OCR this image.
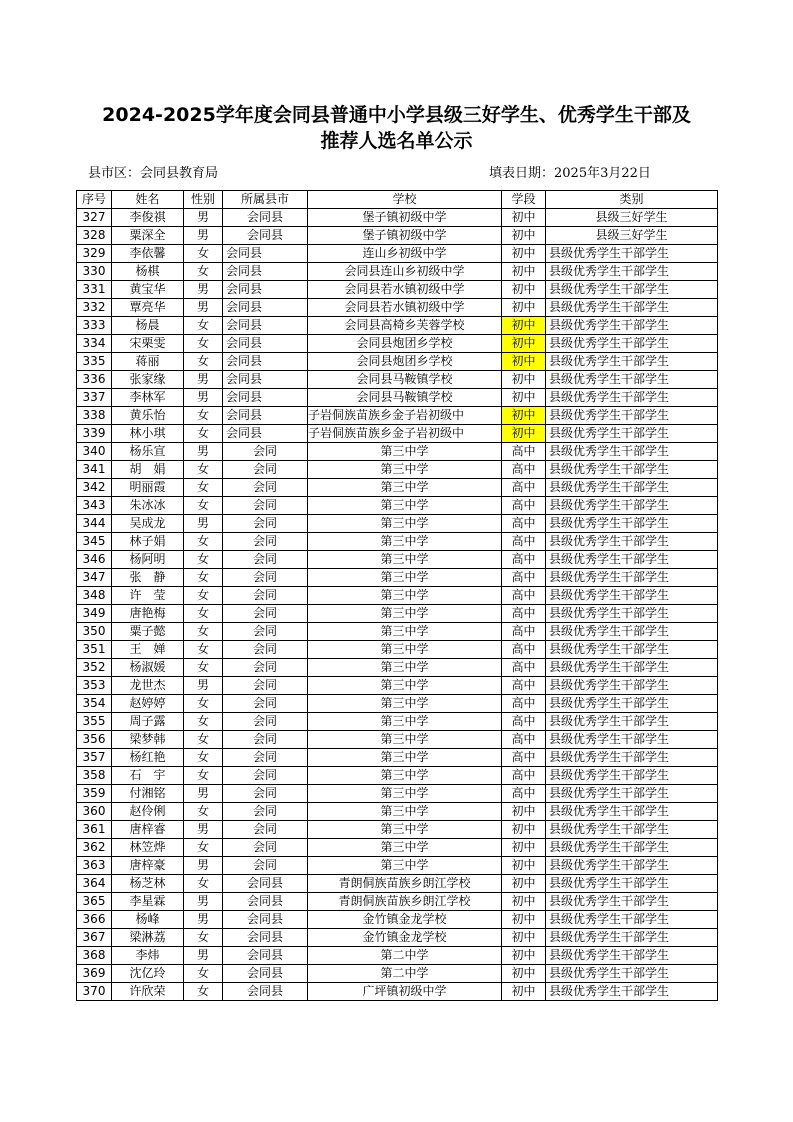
2024-2025学年度会同县普通中小学县级三好学生、优秀学生干部及
推荐人选名单公示
县市区：会同县教育局	填表日期：2025年3月22日
序号	姓名	性别	所属县市	学校	学段	类别
327	李俊祺	男	会同县	堡子镇初级中学	初中	县级三好学生
328	粟深全	男	会同县	堡子镇初级中学	初中	县级三好学生
329	李依馨	女	会同县	连山乡初级中学	初中	县级优秀学生干部学生
330	杨棋	女	会同县	会同县连山乡初级中学	初中	县级优秀学生干部学生
331	黄宝华	男	会同县	会同县若水镇初级中学	初中	县级优秀学生干部学生
332	覃亮华	男	会同县	会同县若水镇初级中学	初中	县级优秀学生干部学生
333	杨晨	女	会同县	会同县高椅乡芙蓉学校	初中	县级优秀学生干部学生
334	宋栗雯	女	会同县	会同县炮团乡学校	初中	县级优秀学生干部学生
335	蒋丽	女	会同县	会同县炮团乡学校	初中	县级优秀学生干部学生
336	张家缘	男	会同县	会同县马鞍镇学校	初中	县级优秀学生干部学生
337	李林军	男	会同县	会同县马鞍镇学校	初中	县级优秀学生干部学生
338	黄乐怡	女	会同县	子岩侗族苗族乡金子岩初级中	初中	县级优秀学生干部学生
339	林小琪	女	会同县	子岩侗族苗族乡金子岩初级中	初中	县级优秀学生干部学生
340	杨乐宣	男	会同	第三中学	高中	县级优秀学生干部学生
341	胡　娟	女	会同	第三中学	高中	县级优秀学生干部学生
342	明丽霞	女	会同	第三中学	高中	县级优秀学生干部学生
343	朱冰冰	女	会同	第三中学	高中	县级优秀学生干部学生
344	吴成龙	男	会同	第三中学	高中	县级优秀学生干部学生
345	林子娟	女	会同	第三中学	高中	县级优秀学生干部学生
346	杨阿明	女	会同	第三中学	高中	县级优秀学生干部学生
347	张　静	女	会同	第三中学	高中	县级优秀学生干部学生
348	许　莹	女	会同	第三中学	高中	县级优秀学生干部学生
349	唐艳梅	女	会同	第三中学	高中	县级优秀学生干部学生
350	粟子懿	女	会同	第三中学	高中	县级优秀学生干部学生
351	王　婵	女	会同	第三中学	高中	县级优秀学生干部学生
352	杨淑媛	女	会同	第三中学	高中	县级优秀学生干部学生
353	龙世杰	男	会同	第三中学	高中	县级优秀学生干部学生
354	赵婷婷	女	会同	第三中学	高中	县级优秀学生干部学生
355	周子露	女	会同	第三中学	高中	县级优秀学生干部学生
356	梁梦韩	女	会同	第三中学	高中	县级优秀学生干部学生
357	杨红艳	女	会同	第三中学	高中	县级优秀学生干部学生
358	石　宇	女	会同	第三中学	高中	县级优秀学生干部学生
359	付湘铭	男	会同	第三中学	高中	县级优秀学生干部学生
360	赵伶俐	女	会同	第三中学	初中	县级优秀学生干部学生
361	唐梓睿	男	会同	第三中学	初中	县级优秀学生干部学生
362	林笠烨	女	会同	第三中学	初中	县级优秀学生干部学生
363	唐梓豪	男	会同	第三中学	初中	县级优秀学生干部学生
364	杨芝林	女	会同县	青朗侗族苗族乡朗江学校	初中	县级优秀学生干部学生
365	李星霖	男	会同县	青朗侗族苗族乡朗江学校	初中	县级优秀学生干部学生
366	杨峰	男	会同县	金竹镇金龙学校	初中	县级优秀学生干部学生
367	梁淋荔	女	会同县	金竹镇金龙学校	初中	县级优秀学生干部学生
368	李炜	男	会同县	第二中学	初中	县级优秀学生干部学生
369	沈亿玲	女	会同县	第二中学	初中	县级优秀学生干部学生
370	许欣荣	女	会同县	广坪镇初级中学	初中	县级优秀学生干部学生
